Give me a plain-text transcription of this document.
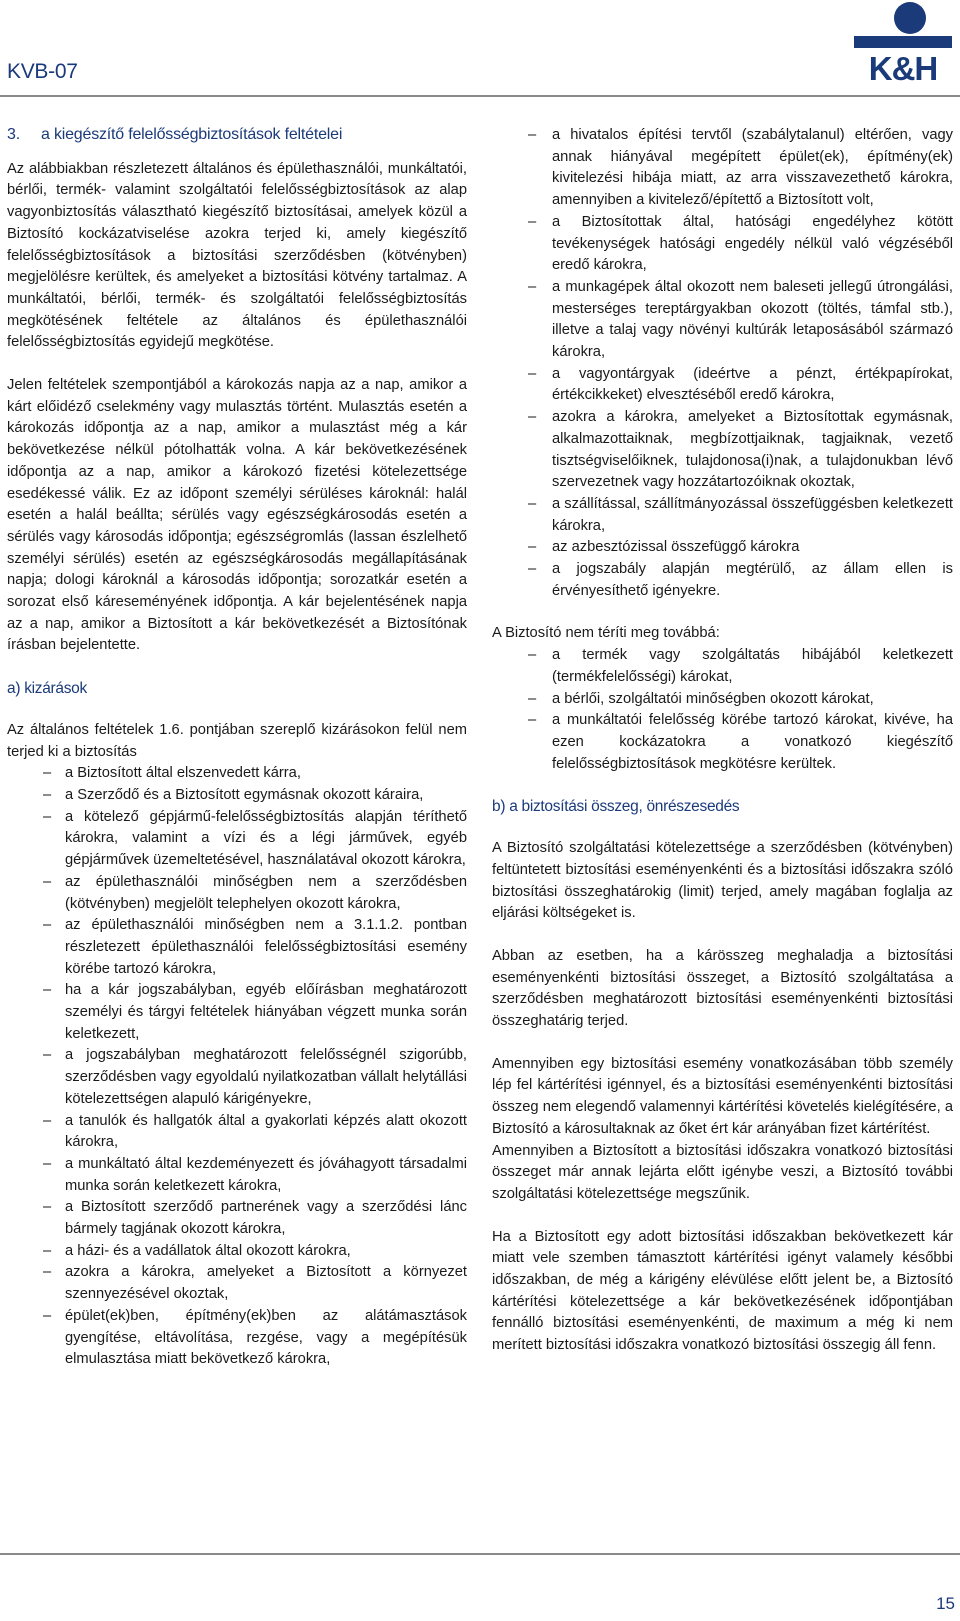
KVB-07	K&H
3. a kiegészítő felelősségbiztosítások feltételei

Az alábbiakban részletezett általános és épülethasználói, munkáltatói, bérlői, termék- valamint szolgáltatói felelősségbiztosítások az alap vagyonbiztosítás választható kiegészítő biztosításai, amelyek közül a Biztosító kockázatviselése azokra terjed ki, amely kiegészítő felelősségbiztosítások a biztosítási szerződésben (kötvényben) megjelölésre kerültek, és amelyeket a biztosítási kötvény tartalmaz. A munkáltatói, bérlői, termék- és szolgáltatói felelősségbiztosítás megkötésének feltétele az általános és épülethasználói felelősségbiztosítás egyidejű megkötése.

Jelen feltételek szempontjából a károkozás napja az a nap, amikor a kárt előidéző cselekmény vagy mulasztás történt. Mulasztás esetén a károkozás időpontja az a nap, amikor a mulasztást még a kár bekövetkezése nélkül pótolhatták volna. A kár bekövetkezésének időpontja az a nap, amikor a károkozó fizetési kötelezettsége esedékessé válik. Ez az időpont személyi sérüléses károknál: halál esetén a halál beállta; sérülés vagy egészségkárosodás esetén a sérülés vagy károsodás időpontja; egészségromlás (lassan észlelhető személyi sérülés) esetén az egészségkárosodás megállapításának napja; dologi károknál a károsodás időpontja; sorozatkár esetén a sorozat első káreseményének időpontja. A kár bejelentésének napja az a nap, amikor a Biztosított a kár bekövetkezését a Biztosítónak írásban bejelentette.

a) kizárások

Az általános feltételek 1.6. pontjában szereplő kizárásokon felül nem terjed ki a biztosítás

– a Biztosított által elszenvedett kárra,
– a Szerződő és a Biztosított egymásnak okozott káraira,
– a kötelező gépjármű-felelősségbiztosítás alapján téríthető károkra, valamint a vízi és a légi járművek, egyéb gépjárművek üzemeltetésével, használatával okozott károkra,
– az épülethasználói minőségben nem a szerződésben (kötvényben) megjelölt telephelyen okozott károkra,
– az épülethasználói minőségben nem a 3.1.1.2. pontban részletezett épülethasználói felelősségbiztosítási esemény körébe tartozó károkra,
– ha a kár jogszabályban, egyéb előírásban meghatározott személyi és tárgyi feltételek hiányában végzett munka során keletkezett,
– a jogszabályban meghatározott felelősségnél szigorúbb, szerződésben vagy egyoldalú nyilatkozatban vállalt helytállási kötelezettségen alapuló kárigényekre,
– a tanulók és hallgatók által a gyakorlati képzés alatt okozott károkra,
– a munkáltató által kezdeményezett és jóváhagyott társadalmi munka során keletkezett károkra,
– a Biztosított szerződő partnerének vagy a szerződési lánc bármely tagjának okozott károkra,
– a házi- és a vadállatok által okozott károkra,
– azokra a károkra, amelyeket a Biztosított a környezet szennyezésével okoztak,
– épület(ek)ben, építmény(ek)ben az alátámasztások gyengítése, eltávolítása, rezgése, vagy a megépítésük elmulasztása miatt bekövetkező károkra,
– a hivatalos építési tervtől (szabálytalanul) eltérően, vagy annak hiányával megépített épület(ek), építmény(ek) kivitelezési hibája miatt, az arra visszavezethető károkra, amennyiben a kivitelező/építettő a Biztosított volt,
– a Biztosítottak által, hatósági engedélyhez kötött tevékenységek hatósági engedély nélkül való végzéséből eredő károkra,
– a munkagépek által okozott nem baleseti jellegű útrongálási, mesterséges tereptárgyakban okozott (töltés, támfal stb.), illetve a talaj vagy növényi kultúrák letaposásából származó károkra,
– a vagyontárgyak (ideértve a pénzt, értékpapírokat, értékcikkeket) elvesztéséből eredő károkra,
– azokra a károkra, amelyeket a Biztosítottak egymásnak, alkalmazottaiknak, megbízottjaiknak, tagjaiknak, vezető tisztségviselőiknek, tulajdonosa(i)nak, a tulajdonukban lévő szervezetnek vagy hozzátartozóiknak okoztak,
– a szállítással, szállítmányozással összefüggésben keletkezett károkra,
– az azbesztózissal összefüggő károkra
– a jogszabály alapján megtérülő, az állam ellen is érvényesíthető igényekre.

A Biztosító nem téríti meg továbbá:

– a termék vagy szolgáltatás hibájából keletkezett (termékfelelősségi) károkat,
– a bérlői, szolgáltatói minőségben okozott károkat,
– a munkáltatói felelősség körébe tartozó károkat, kivéve, ha ezen kockázatokra a vonatkozó kiegészítő felelősségbiztosítások megkötésre kerültek.
b) a biztosítási összeg, önrészesedés

A Biztosító szolgáltatási kötelezettsége a szerződésben (kötvényben) feltüntetett biztosítási eseményenkénti és a biztosítási időszakra szóló biztosítási összeghatárokig (limit) terjed, amely magában foglalja az eljárási költségeket is.

Abban az esetben, ha a kárösszeg meghaladja a biztosítási eseményenkénti biztosítási összeget, a Biztosító szolgáltatása a szerződésben meghatározott biztosítási eseményenkénti biztosítási összeghatárig terjed.

Amennyiben egy biztosítási esemény vonatkozásában több személy lép fel kártérítési igénnyel, és a biztosítási eseményenkénti biztosítási összeg nem elegendő valamennyi kártérítési követelés kielégítésére, a Biztosító a károsultaknak az őket ért kár arányában fizet kártérítést.

Amennyiben a Biztosított a biztosítási időszakra vonatkozó biztosítási összeget már annak lejárta előtt igénybe veszi, a Biztosító további szolgáltatási kötelezettsége megszűnik.

Ha a Biztosított egy adott biztosítási időszakban bekövetkezett kár miatt vele szemben támasztott kártérítési igényt valamely későbbi időszakban, de még a kárigény elévülése előtt jelent be, a Biztosító kártérítési kötelezettsége a kár bekövetkezésének időpontjában fennálló biztosítási eseményenkénti, de maximum a még ki nem merített biztosítási időszakra vonatkozó biztosítási összegig áll fenn.

15
